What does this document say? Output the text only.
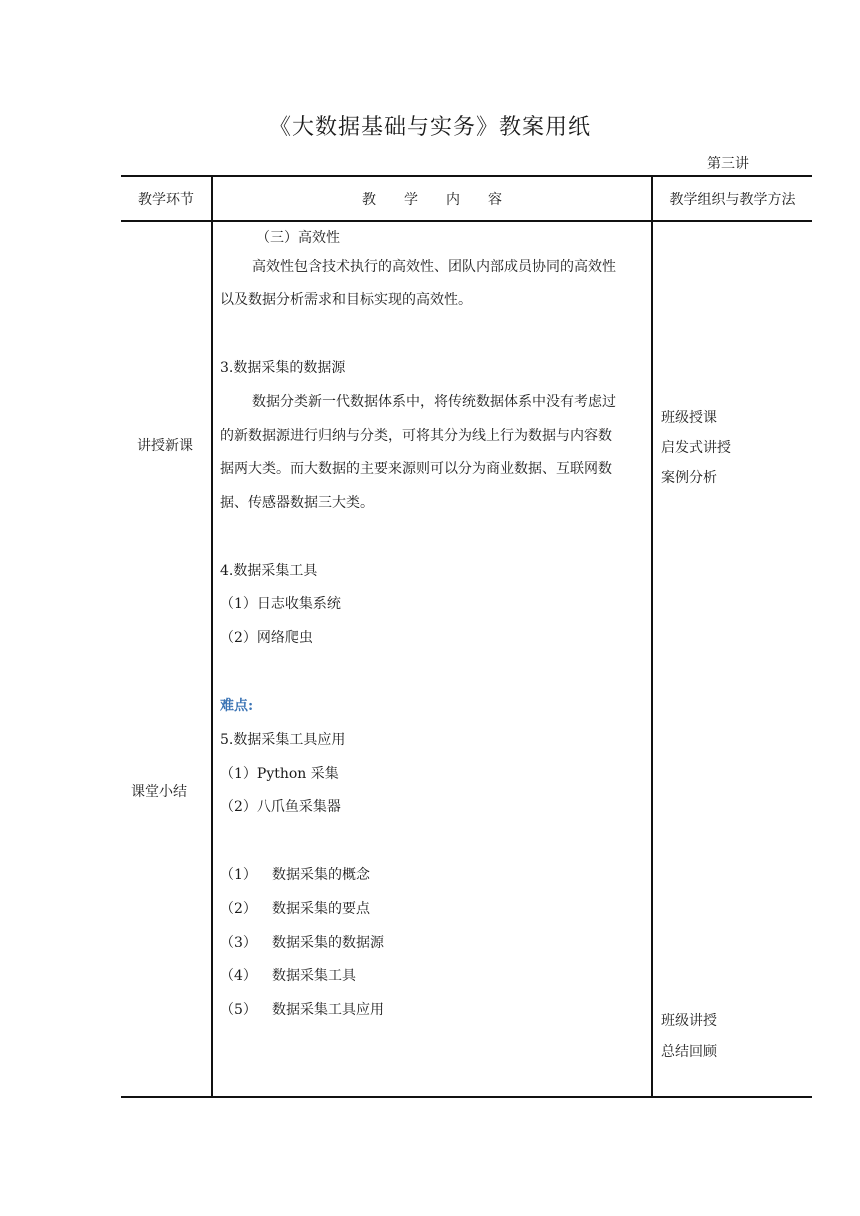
《大数据基础与实务》教案用纸
第三讲
教学环节	教　　学　　内　　容	教学组织与教学方法
讲授新课
课堂小结
（三）高效性
高效性包含技术执行的高效性、团队内部成员协同的高效性
以及数据分析需求和目标实现的高效性。
3.数据采集的数据源
数据分类新一代数据体系中，将传统数据体系中没有考虑过
的新数据源进行归纳与分类，可将其分为线上行为数据与内容数
据两大类。而大数据的主要来源则可以分为商业数据、互联网数
据、传感器数据三大类。
4.数据采集工具
（1）日志收集系统
（2）网络爬虫
难点:
5.数据采集工具应用
（1）Python 采集
（2）八爪鱼采集器
（1） 数据采集的概念
（2） 数据采集的要点
（3） 数据采集的数据源
（4） 数据采集工具
（5） 数据采集工具应用
班级授课
启发式讲授
案例分析
班级讲授
总结回顾
